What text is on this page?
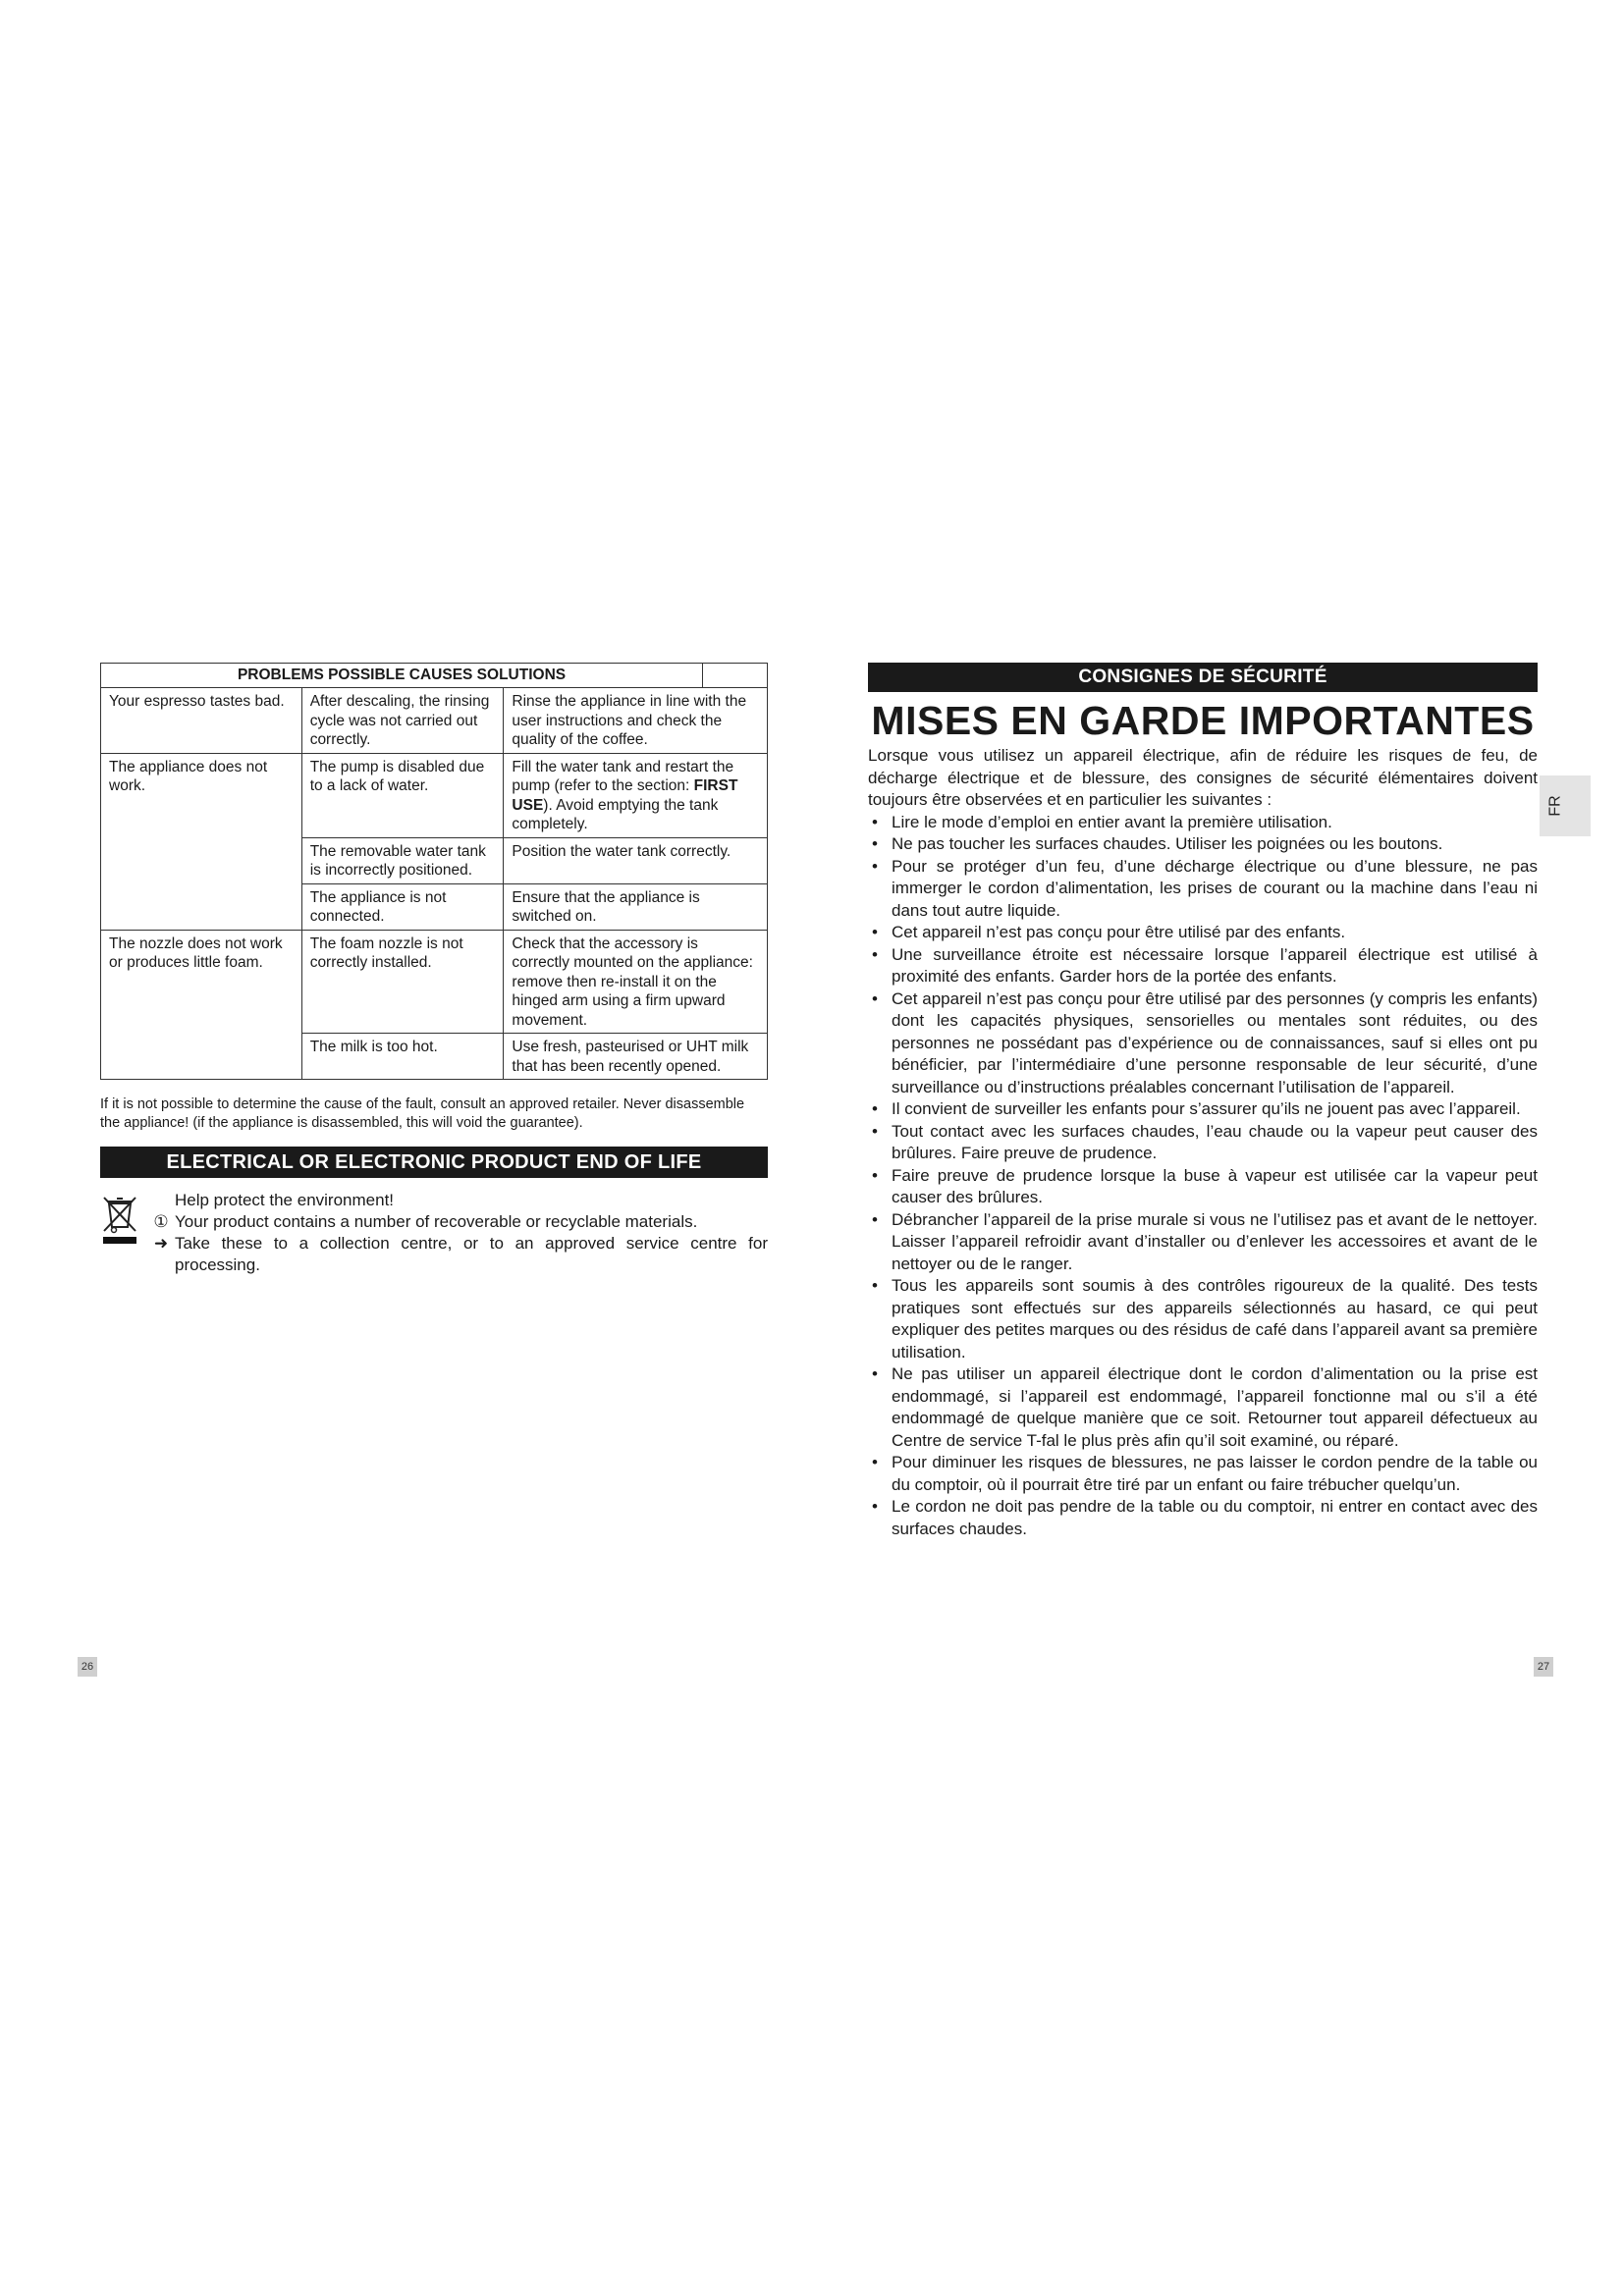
PROBLEMS POSSIBLE CAUSES SOLUTIONS			
Your espresso tastes bad.	After descaling, the rinsing cycle was not carried out correctly.	Rinse the appliance in line with the user instructions and check the quality of the coffee.	
The appliance does not work.	The pump is disabled due to a lack of water.	Fill the water tank and restart the pump (refer to the section: FIRST USE). Avoid emptying the tank completely.	
	The removable water tank is incorrectly positioned.	Position the water tank correctly.	
	The appliance is not connected.	Ensure that the appliance is switched on.	
The nozzle does not work or produces little foam.	The foam nozzle is not correctly installed.	Check that the accessory is correctly mounted on the appliance: remove then re-install it on the hinged arm using a firm upward movement.	
	The milk is too hot.	Use fresh, pasteurised or UHT milk that has been recently opened.	
If it is not possible to determine the cause of the fault, consult an approved retailer. Never disassemble the appliance! (if the appliance is disassembled, this will void the guarantee).
ELECTRICAL OR ELECTRONIC PRODUCT END OF LIFE
Help protect the environment!
① Your product contains a number of recoverable or recyclable materials.
➜ Take these to a collection centre, or to an approved service centre for processing.
26
CONSIGNES DE SÉCURITÉ
MISES EN GARDE IMPORTANTES
Lorsque vous utilisez un appareil électrique, afin de réduire les risques de feu, de décharge électrique et de blessure, des consignes de sécurité élémentaires doivent toujours être observées et en particulier les suivantes :
• Lire le mode d’emploi en entier avant la première utilisation.
• Ne pas toucher les surfaces chaudes. Utiliser les poignées ou les boutons.
• Pour se protéger d’un feu, d’une décharge électrique ou d’une blessure, ne pas immerger le cordon d’alimentation, les prises de courant ou la machine dans l’eau ni dans tout autre liquide.
• Cet appareil n’est pas conçu pour être utilisé par des enfants.
• Une surveillance étroite est nécessaire lorsque l’appareil électrique est utilisé à proximité des enfants. Garder hors de la portée des enfants.
• Cet appareil n’est pas conçu pour être utilisé par des personnes (y compris les enfants) dont les capacités physiques, sensorielles ou mentales sont réduites, ou des personnes ne possédant pas d’expérience ou de connaissances, sauf si elles ont pu bénéficier, par l’intermédiaire d’une personne responsable de leur sécurité, d’une surveillance ou d’instructions préalables concernant l’utilisation de l’appareil.
• Il convient de surveiller les enfants pour s’assurer qu’ils ne jouent pas avec l’appareil.
• Tout contact avec les surfaces chaudes, l’eau chaude ou la vapeur peut causer des brûlures. Faire preuve de prudence.
• Faire preuve de prudence lorsque la buse à vapeur est utilisée car la vapeur peut causer des brûlures.
• Débrancher l’appareil de la prise murale si vous ne l’utilisez pas et avant de le nettoyer. Laisser l’appareil refroidir avant d’installer ou d’enlever les accessoires et avant de le nettoyer ou de le ranger.
• Tous les appareils sont soumis à des contrôles rigoureux de la qualité. Des tests pratiques sont effectués sur des appareils sélectionnés au hasard, ce qui peut expliquer des petites marques ou des résidus de café dans l’appareil avant sa première utilisation.
• Ne pas utiliser un appareil électrique dont le cordon d’alimentation ou la prise est endommagé, si l’appareil est endommagé, l’appareil fonctionne mal ou s’il a été endommagé de quelque manière que ce soit. Retourner tout appareil défectueux au Centre de service T-fal le plus près afin qu’il soit examiné, ou réparé.
• Pour diminuer les risques de blessures, ne pas laisser le cordon pendre de la table ou du comptoir, où il pourrait être tiré par un enfant ou faire trébucher quelqu’un.
• Le cordon ne doit pas pendre de la table ou du comptoir, ni entrer en contact avec des surfaces chaudes.
FR
27
